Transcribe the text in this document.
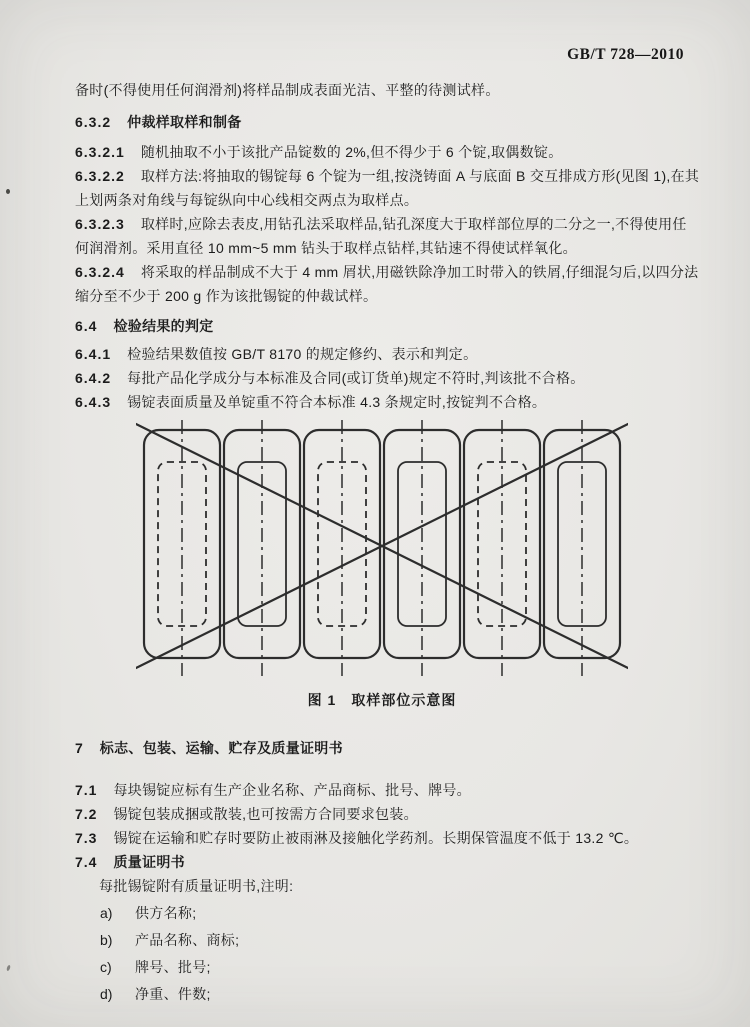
GB/T 728—2010

备时(不得使用任何润滑剂)将样品制成表面光洁、平整的待测试样。

6.3.2 仲裁样取样和制备

6.3.2.1 随机抽取不小于该批产品锭数的 2%,但不得少于 6 个锭,取偶数锭。

6.3.2.2 取样方法:将抽取的锡锭每 6 个锭为一组,按浇铸面 A 与底面 B 交互排成方形(见图 1),在其

上划两条对角线与每锭纵向中心线相交两点为取样点。

6.3.2.3 取样时,应除去表皮,用钻孔法采取样品,钻孔深度大于取样部位厚的二分之一,不得使用任

何润滑剂。采用直径 10 mm~5 mm 钻头于取样点钻样,其钻速不得使试样氧化。

6.3.2.4 将采取的样品制成不大于 4 mm 屑状,用磁铁除净加工时带入的铁屑,仔细混匀后,以四分法

缩分至不少于 200 g 作为该批锡锭的仲裁试样。

6.4 检验结果的判定

6.4.1 检验结果数值按 GB/T 8170 的规定修约、表示和判定。

6.4.2 每批产品化学成分与本标准及合同(或订货单)规定不符时,判该批不合格。

6.4.3 锡锭表面质量及单锭重不符合本标准 4.3 条规定时,按锭判不合格。

图 1　取样部位示意图

7 标志、包装、运输、贮存及质量证明书

7.1 每块锡锭应标有生产企业名称、产品商标、批号、牌号。

7.2 锡锭包装成捆或散装,也可按需方合同要求包装。

7.3 锡锭在运输和贮存时要防止被雨淋及接触化学药剂。长期保管温度不低于 13.2 ℃。

7.4 质量证明书

每批锡锭附有质量证明书,注明:

a) 供方名称;

b) 产品名称、商标;

c) 牌号、批号;

d) 净重、件数;
